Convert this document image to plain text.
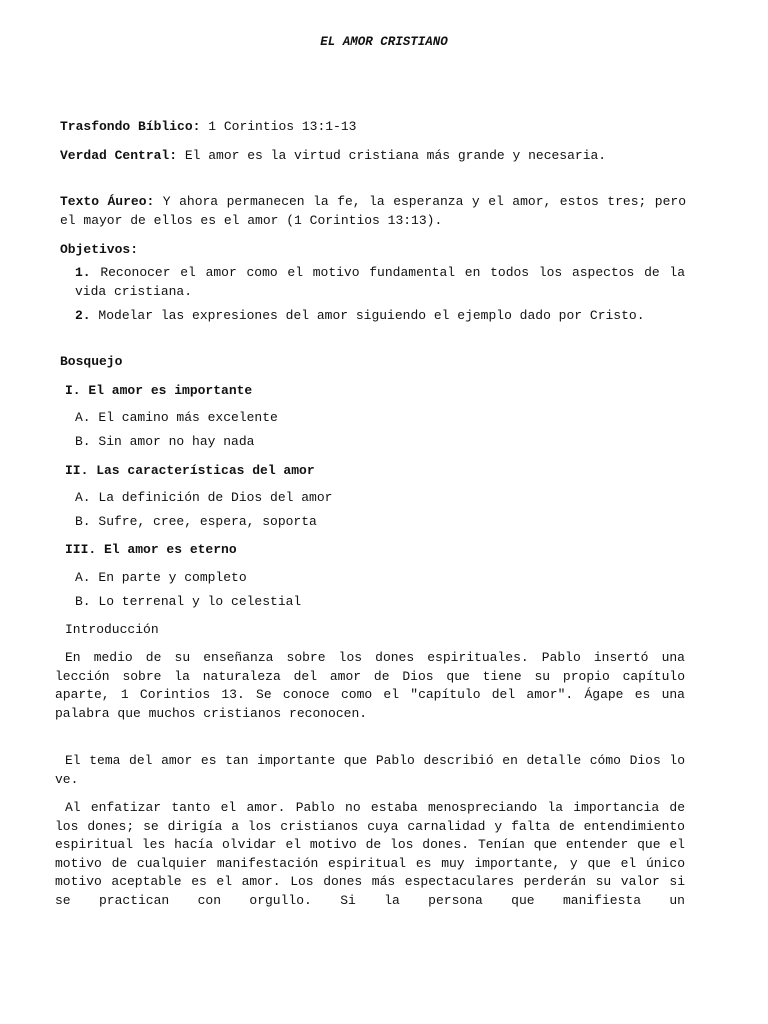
EL AMOR CRISTIANO
Trasfondo Bíblico: 1 Corintios 13:1-13
Verdad Central: El amor es la virtud cristiana más grande y necesaria.
Texto Áureo: Y ahora permanecen la fe, la esperanza y el amor, estos tres; pero el mayor de ellos es el amor (1 Corintios 13:13).
Objetivos:
1. Reconocer el amor como el motivo fundamental en todos los aspectos de la vida cristiana.
2. Modelar las expresiones del amor siguiendo el ejemplo dado por Cristo.
Bosquejo
I. El amor es importante
A. El camino más excelente
B. Sin amor no hay nada
II. Las características del amor
A. La definición de Dios del amor
B. Sufre, cree, espera, soporta
III. El amor es eterno
A. En parte y completo
B. Lo terrenal y lo celestial
Introducción
En medio de su enseñanza sobre los dones espirituales. Pablo insertó una lección sobre la naturaleza del amor de Dios que tiene su propio capítulo aparte, 1 Corintios 13. Se conoce como el "capítulo del amor". Ágape es una palabra que muchos cristianos reconocen.
El tema del amor es tan importante que Pablo describió en detalle cómo Dios lo ve.
Al enfatizar tanto el amor. Pablo no estaba menospreciando la importancia de los dones; se dirigía a los cristianos cuya carnalidad y falta de entendimiento espiritual les hacía olvidar el motivo de los dones. Tenían que entender que el motivo de cualquier manifestación espiritual es muy importante, y que el único motivo aceptable es el amor. Los dones más espectaculares perderán su valor si se practican con orgullo. Si la persona que manifiesta un
